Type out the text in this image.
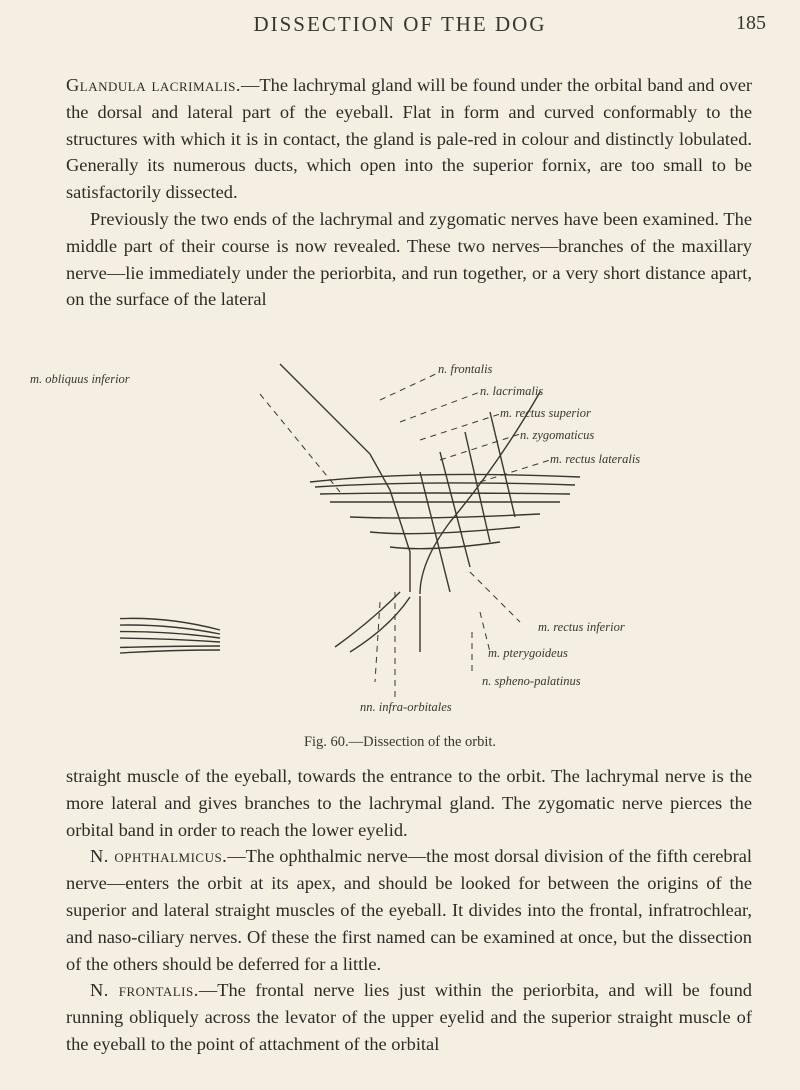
DISSECTION OF THE DOG	185

Glandula lacrimalis.—The lachrymal gland will be found under the orbital band and over the dorsal and lateral part of the eyeball. Flat in form and curved conformably to the structures with which it is in contact, the gland is pale-red in colour and distinctly lobulated. Generally its numerous ducts, which open into the superior fornix, are too small to be satisfactorily dissected.

Previously the two ends of the lachrymal and zygomatic nerves have been examined. The middle part of their course is now revealed. These two nerves—branches of the maxillary nerve—lie immediately under the periorbita, and run together, or a very short distance apart, on the surface of the lateral

m. obliquus inferior
n. frontalis
n. lacrimalis
m. rectus superior
n. zygomaticus
m. rectus lateralis
m. rectus inferior
m. pterygoideus
n. spheno-palatinus
nn. infra-orbitales
Fig. 60.—Dissection of the orbit.

straight muscle of the eyeball, towards the entrance to the orbit. The lachrymal nerve is the more lateral and gives branches to the lachrymal gland. The zygomatic nerve pierces the orbital band in order to reach the lower eyelid.

N. ophthalmicus.—The ophthalmic nerve—the most dorsal division of the fifth cerebral nerve—enters the orbit at its apex, and should be looked for between the origins of the superior and lateral straight muscles of the eyeball. It divides into the frontal, infratrochlear, and naso-ciliary nerves. Of these the first named can be examined at once, but the dissection of the others should be deferred for a little.

N. frontalis.—The frontal nerve lies just within the periorbita, and will be found running obliquely across the levator of the upper eyelid and the superior straight muscle of the eyeball to the point of attachment of the orbital
